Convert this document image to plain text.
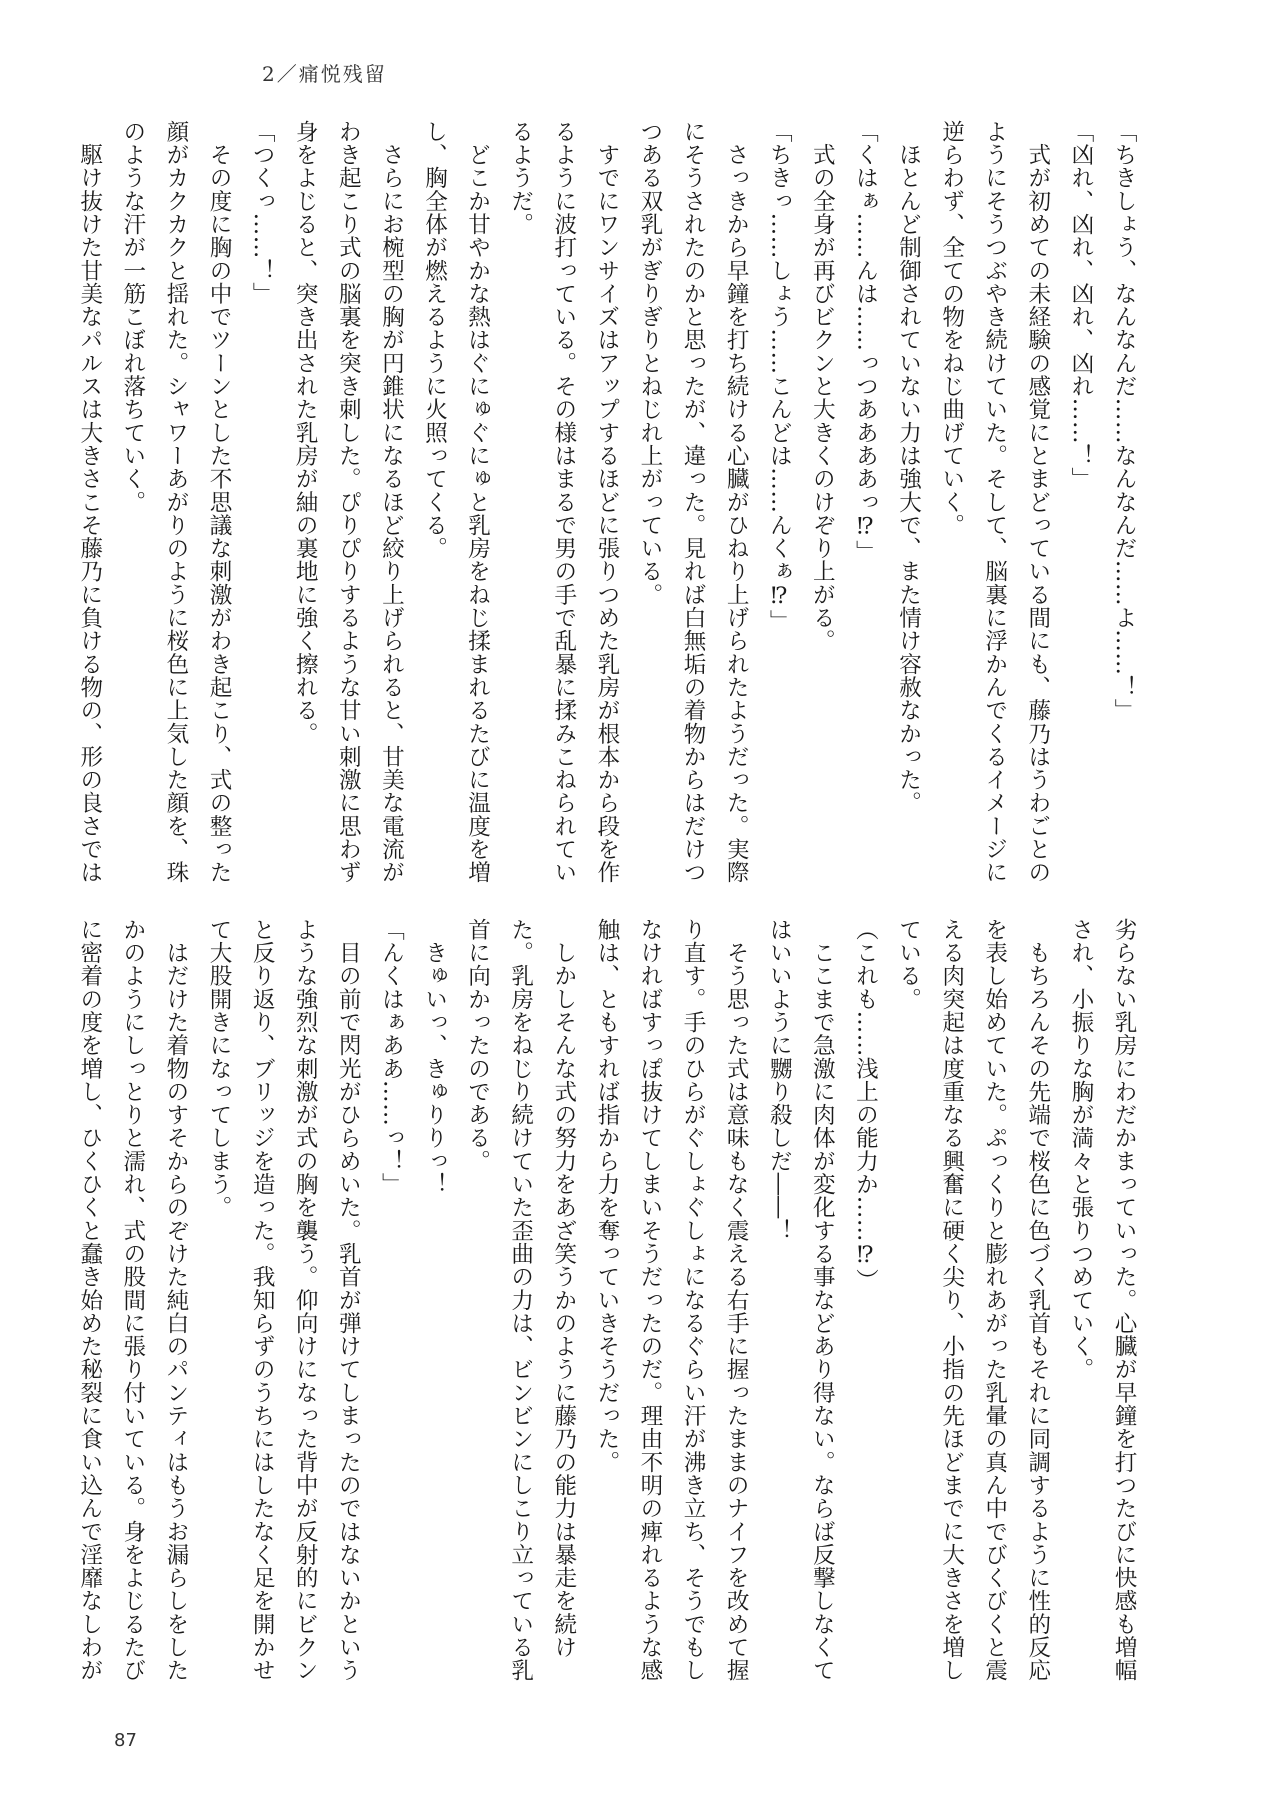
2／痛悦残留
「ちきしょう、なんなんだ……なんなんだ……よ……！」
「凶れ、凶れ、凶れ、凶れ……！」
　式が初めての未経験の感覚にとまどっている間にも、藤乃はうわごとの
ようにそうつぶやき続けていた。そして、脳裏に浮かんでくるイメージに
逆らわず、全ての物をねじ曲げていく。
　ほとんど制御されていない力は強大で、また情け容赦なかった。
「くはぁ……んは……っつああああっ⁉」
　式の全身が再びビクンと大きくのけぞり上がる。
「ちきっ……しょう……こんどは……んくぁ⁉」
　さっきから早鐘を打ち続ける心臓がひねり上げられたようだった。実際
にそうされたのかと思ったが、違った。見れば白無垢の着物からはだけつ
つある双乳がぎりぎりとねじれ上がっている。
　すでにワンサイズはアップするほどに張りつめた乳房が根本から段を作
るように波打っている。その様はまるで男の手で乱暴に揉みこねられてい
るようだ。
　どこか甘やかな熱はぐにゅぐにゅと乳房をねじ揉まれるたびに温度を増
し、胸全体が燃えるように火照ってくる。
　さらにお椀型の胸が円錐状になるほど絞り上げられると、甘美な電流が
わき起こり式の脳裏を突き刺した。ぴりぴりするような甘い刺激に思わず
身をよじると、突き出された乳房が紬の裏地に強く擦れる。
「つくっ……！」
　その度に胸の中でツーンとした不思議な刺激がわき起こり、式の整った
顔がカクカクと揺れた。シャワーあがりのように桜色に上気した顔を、珠
のような汗が一筋こぼれ落ちていく。
　駆け抜けた甘美なパルスは大きさこそ藤乃に負ける物の、形の良さでは
劣らない乳房にわだかまっていった。心臓が早鐘を打つたびに快感も増幅
され、小振りな胸が満々と張りつめていく。
　もちろんその先端で桜色に色づく乳首もそれに同調するように性的反応
を表し始めていた。ぷっくりと膨れあがった乳暈の真ん中でびくびくと震
える肉突起は度重なる興奮に硬く尖り、小指の先ほどまでに大きさを増し
ている。
（これも……浅上の能力か……⁉）
　ここまで急激に肉体が変化する事などあり得ない。ならば反撃しなくて
はいいように嬲り殺しだ――！
　そう思った式は意味もなく震える右手に握ったままのナイフを改めて握
り直す。手のひらがぐしょぐしょになるぐらい汗が沸き立ち、そうでもし
なければすっぽ抜けてしまいそうだったのだ。理由不明の痺れるような感
触は、ともすれば指から力を奪っていきそうだった。
　しかしそんな式の努力をあざ笑うかのように藤乃の能力は暴走を続け
た。乳房をねじり続けていた歪曲の力は、ビンビンにしこり立っている乳
首に向かったのである。
　きゅいっ、きゅりりっ！
「んくはぁああ……っ！」
　目の前で閃光がひらめいた。乳首が弾けてしまったのではないかという
ような強烈な刺激が式の胸を襲う。仰向けになった背中が反射的にビクン
と反り返り、ブリッジを造った。我知らずのうちにはしたなく足を開かせ
て大股開きになってしまう。
　はだけた着物のすそからのぞけた純白のパンティはもうお漏らしをした
かのようにしっとりと濡れ、式の股間に張り付いている。身をよじるたび
に密着の度を増し、ひくひくと蠢き始めた秘裂に食い込んで淫靡なしわが
87
